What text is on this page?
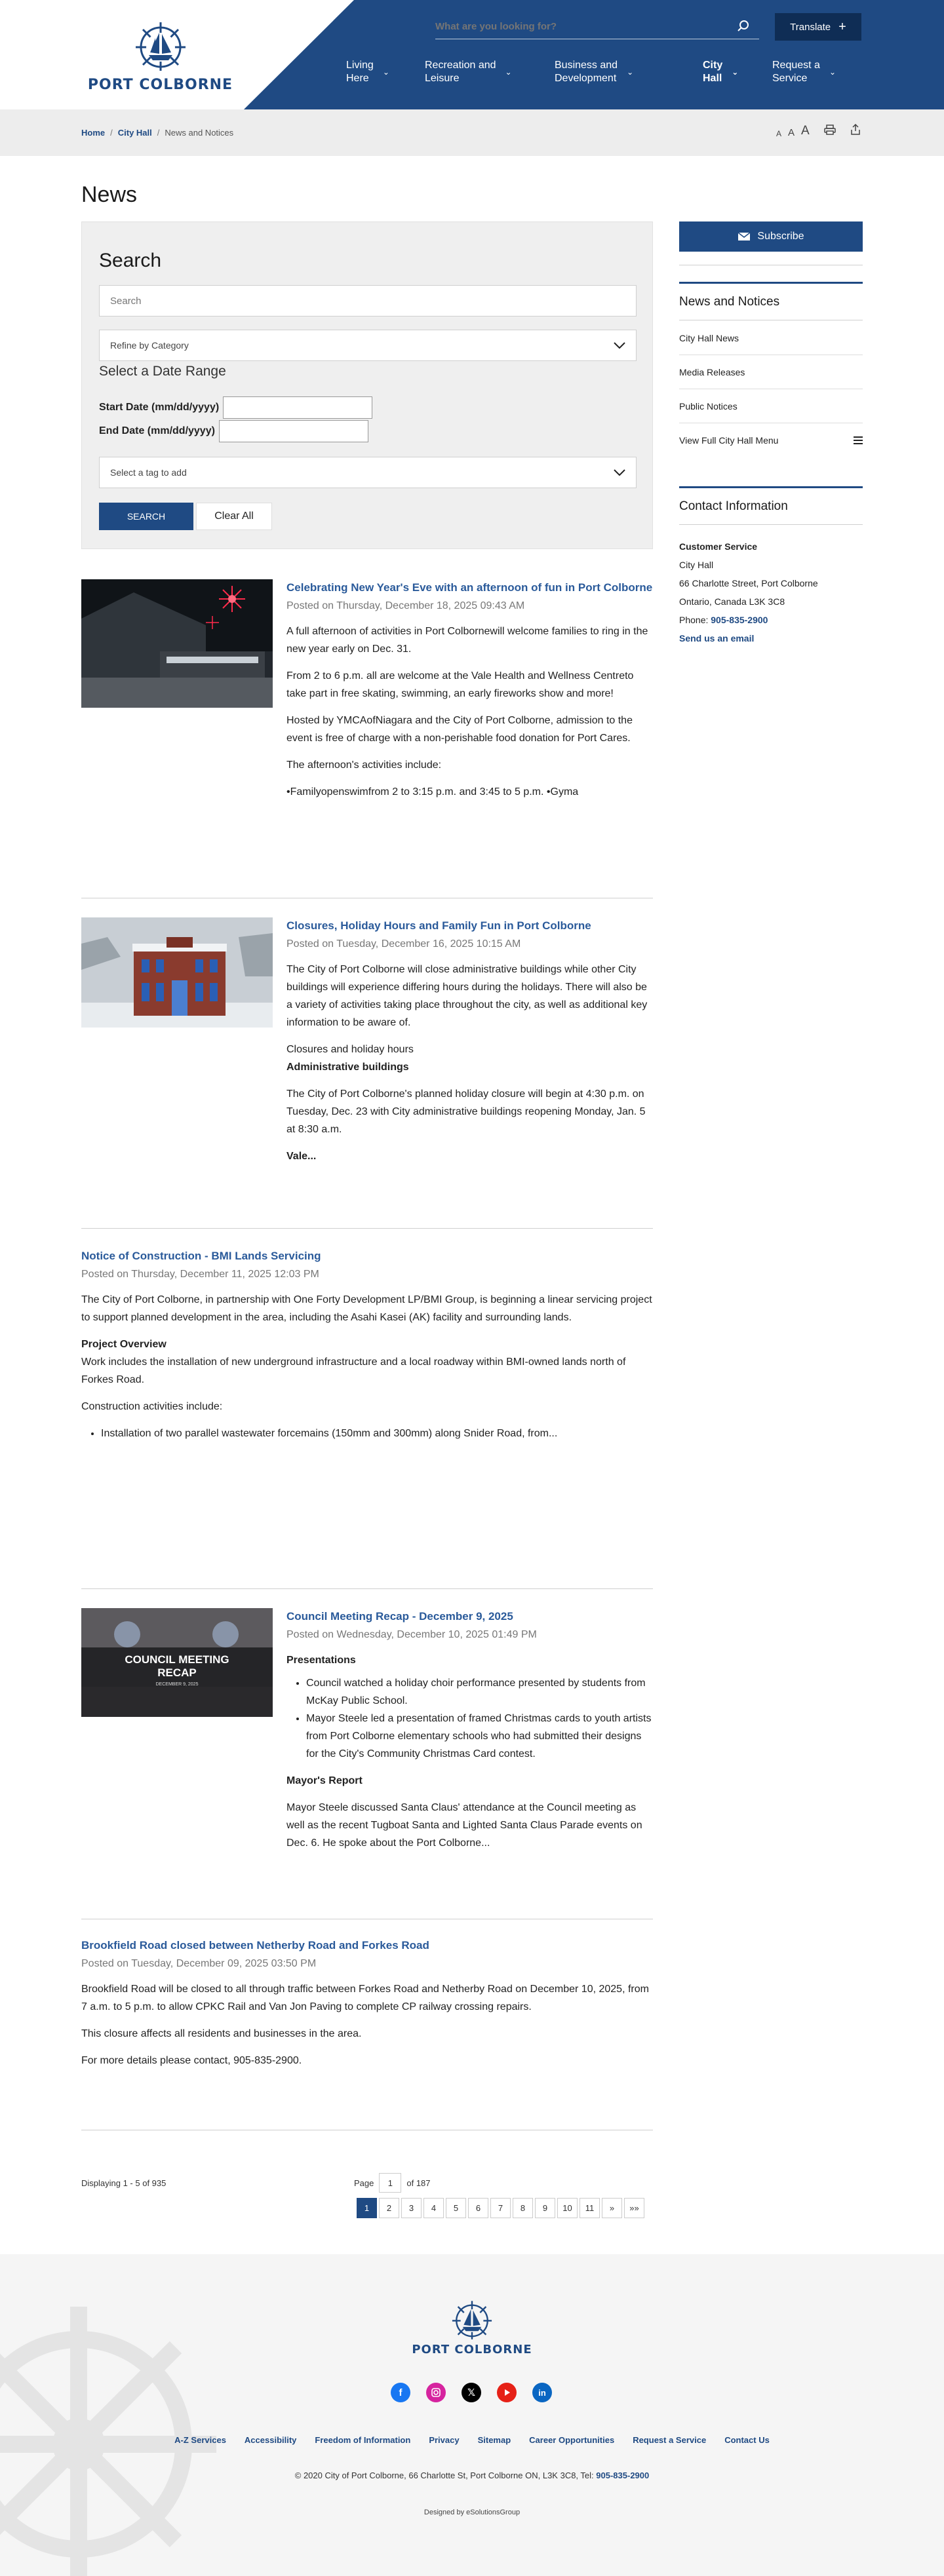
PORT COLBORNE
What are you looking for?
Translate +
Living
Here
⌄
Recreation and
Leisure
⌄
Business and
Development
⌄
City
Hall
⌄
Request a
Service
⌄
Home / City Hall / News and Notices	A A A
News
Search
Search
Refine by Category
Select a Date Range
Start Date (mm/dd/yyyy)
End Date (mm/dd/yyyy)
Select a tag to add
SEARCH	Clear All
Celebrating New Year's Eve with an afternoon of fun in Port Colborne
Posted on Thursday, December 18, 2025 09:43 AM

A full afternoon of activities in Port Colbornewill welcome families to ring in the new year early on Dec. 31.

From 2 to 6 p.m. all are welcome at the Vale Health and Wellness Centreto take part in free skating, swimming, an early fireworks show and more!

Hosted by YMCAofNiagara and the City of Port Colborne, admission to the event is free of charge with a non-perishable food donation for Port Cares.

The afternoon's activities include:

•Familyopenswimfrom 2 to 3:15 p.m. and 3:45 to 5 p.m. •Gyma

Closures, Holiday Hours and Family Fun in Port Colborne
Posted on Tuesday, December 16, 2025 10:15 AM

The City of Port Colborne will close administrative buildings while other City buildings will experience differing hours during the holidays. There will also be a variety of activities taking place throughout the city, as well as additional key information to be aware of.

Closures and holiday hours

Administrative buildings

The City of Port Colborne's planned holiday closure will begin at 4:30 p.m. on Tuesday, Dec. 23 with City administrative buildings reopening Monday, Jan. 5 at 8:30 a.m.

Vale...

Notice of Construction - BMI Lands Servicing
Posted on Thursday, December 11, 2025 12:03 PM

The City of Port Colborne, in partnership with One Forty Development LP/BMI Group, is beginning a linear servicing project to support planned development in the area, including the Asahi Kasei (AK) facility and surrounding lands.

Project Overview

Work includes the installation of new underground infrastructure and a local roadway within BMI-owned lands north of Forkes Road.

Construction activities include:

• Installation of two parallel wastewater forcemains (150mm and 300mm) along Snider Road, from...
COUNCIL MEETING
RECAP
DECEMBER 9, 2025
Council Meeting Recap - December 9, 2025
Posted on Wednesday, December 10, 2025 01:49 PM

Presentations

• Council watched a holiday choir performance presented by students from McKay Public School.
• Mayor Steele led a presentation of framed Christmas cards to youth artists from Port Colborne elementary schools who had submitted their designs for the City's Community Christmas Card contest.

Mayor's Report

Mayor Steele discussed Santa Claus' attendance at the Council meeting as well as the recent Tugboat Santa and Lighted Santa Claus Parade events on Dec. 6. He spoke about the Port Colborne...

Brookfield Road closed between Netherby Road and Forkes Road
Posted on Tuesday, December 09, 2025 03:50 PM

Brookfield Road will be closed to all through traffic between Forkes Road and Netherby Road on December 10, 2025, from 7 a.m. to 5 p.m. to allow CPKC Rail and Van Jon Paving to complete CP railway crossing repairs.

This closure affects all residents and businesses in the area.

For more details please contact, 905-835-2900.

Displaying 1 - 5 of 935	Page	1	of 187
1	2	3	4	5	6	7	8	9	10	11	»	»»
Subscribe
News and Notices
City Hall News
Media Releases
Public Notices
View Full City Hall Menu
Contact Information
Customer Service
City Hall
66 Charlotte Street, Port Colborne
Ontario, Canada L3K 3C8
Phone: 905-835-2900
Send us an email
PORT COLBORNE
f	𝕏	in
A-Z Services Accessibility Freedom of Information Privacy Sitemap Career Opportunities Request a Service Contact Us
© 2020 City of Port Colborne, 66 Charlotte St, Port Colborne ON, L3K 3C8, Tel: 905-835-2900
Designed by eSolutionsGroup
